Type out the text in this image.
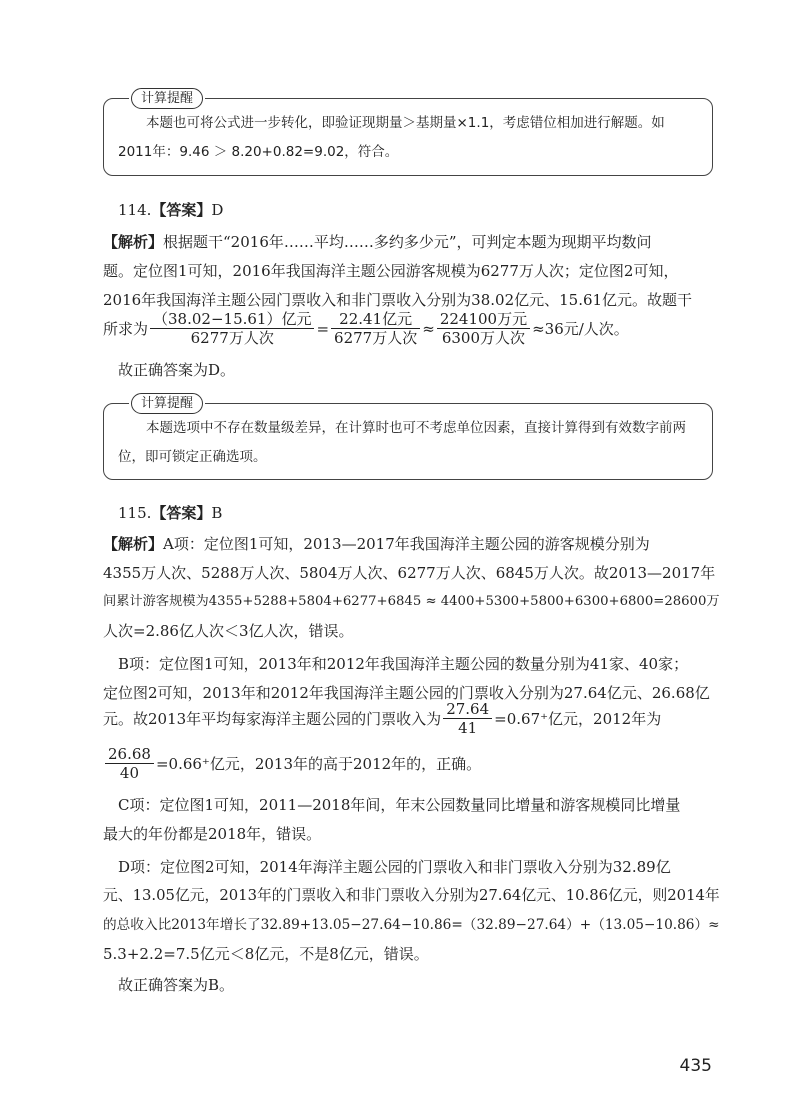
计算提醒
本题也可将公式进一步转化，即验证现期量＞基期量×1.1，考虑错位相加进行解题。如2011年：9.46 ＞ 8.20+0.82=9.02，符合。
114.【答案】D
【解析】根据题干“2016年……平均……多约多少元”，可判定本题为现期平均数问
题。定位图1可知，2016年我国海洋主题公园游客规模为6277万人次；定位图2可知，
2016年我国海洋主题公园门票收入和非门票收入分别为38.02亿元、15.61亿元。故题干
所求为 $\frac{\text{（38.02−15.61）亿元}}{\text{6277万人次}} = \frac{\text{22.41亿元}}{\text{6277万人次}} \approx \frac{\text{224100万元}}{\text{6300万人次}} \approx 36$元/人次。
故正确答案为D。
计算提醒
本题选项中不存在数量级差异，在计算时也可不考虑单位因素，直接计算得到有效数字前两位，即可锁定正确选项。
115.【答案】B
【解析】A项：定位图1可知，2013—2017年我国海洋主题公园的游客规模分别为
4355万人次、5288万人次、5804万人次、6277万人次、6845万人次。故2013—2017年
间累计游客规模为4355+5288+5804+6277+6845 ≈ 4400+5300+5800+6300+6800=28600万
人次=2.86亿人次＜3亿人次，错误。
B项：定位图1可知，2013年和2012年我国海洋主题公园的数量分别为41家、40家；
定位图2可知，2013年和2012年我国海洋主题公园的门票收入分别为27.64亿元、26.68亿
元。故2013年平均每家海洋主题公园的门票收入为 $\frac{27.64}{41} =0.67^+$亿元，2012年为
$\frac{26.68}{40} =0.66^+$亿元，2013年的高于2012年的，正确。
C项：定位图1可知，2011—2018年间，年末公园数量同比增量和游客规模同比增量
最大的年份都是2018年，错误。
D项：定位图2可知，2014年海洋主题公园的门票收入和非门票收入分别为32.89亿
元、13.05亿元，2013年的门票收入和非门票收入分别为27.64亿元、10.86亿元，则2014年
的总收入比2013年增长了32.89+13.05−27.64−10.86=（32.89−27.64）+（13.05−10.86）≈
5.3+2.2=7.5亿元＜8亿元，不是8亿元，错误。
故正确答案为B。
435
